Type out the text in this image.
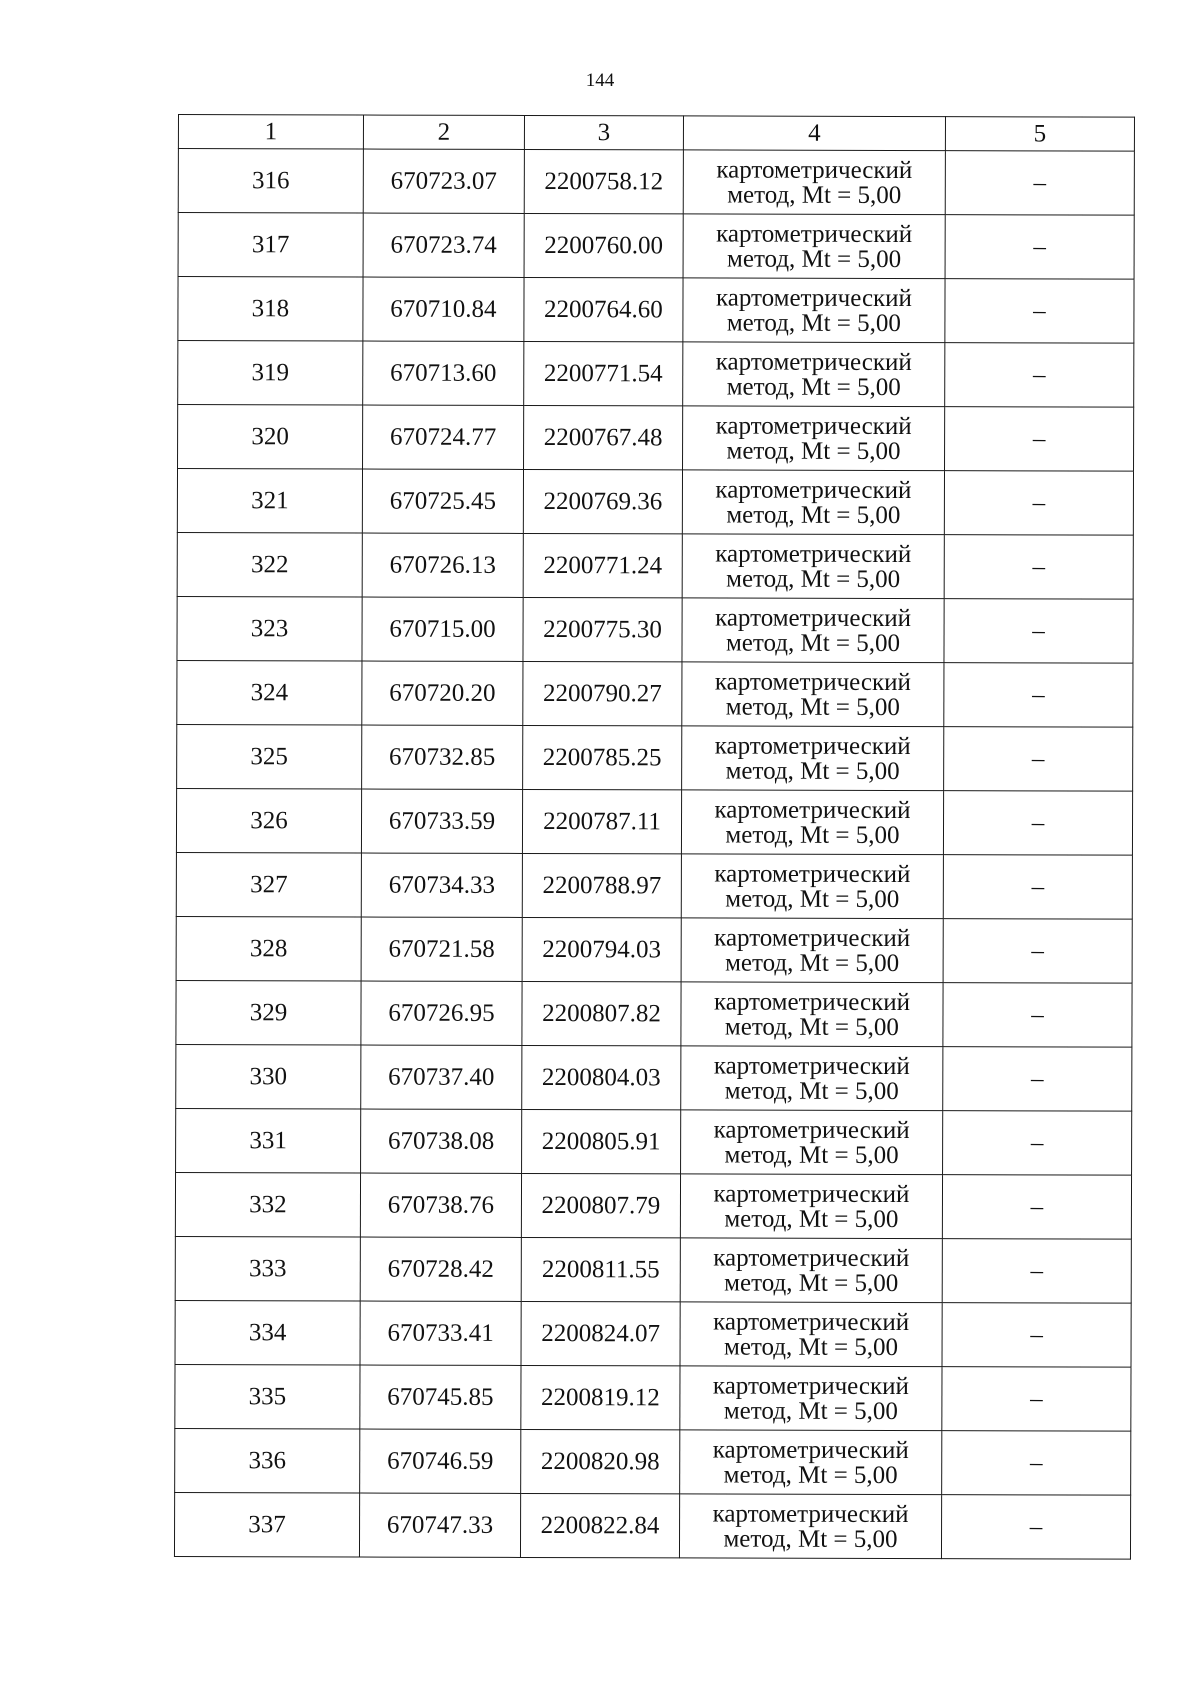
144
1	2	3	4	5
316	670723.07	2200758.12	картометрический
метод, Mt = 5,00	–
317	670723.74	2200760.00	картометрический
метод, Mt = 5,00	–
318	670710.84	2200764.60	картометрический
метод, Mt = 5,00	–
319	670713.60	2200771.54	картометрический
метод, Mt = 5,00	–
320	670724.77	2200767.48	картометрический
метод, Mt = 5,00	–
321	670725.45	2200769.36	картометрический
метод, Mt = 5,00	–
322	670726.13	2200771.24	картометрический
метод, Mt = 5,00	–
323	670715.00	2200775.30	картометрический
метод, Mt = 5,00	–
324	670720.20	2200790.27	картометрический
метод, Mt = 5,00	–
325	670732.85	2200785.25	картометрический
метод, Mt = 5,00	–
326	670733.59	2200787.11	картометрический
метод, Mt = 5,00	–
327	670734.33	2200788.97	картометрический
метод, Mt = 5,00	–
328	670721.58	2200794.03	картометрический
метод, Mt = 5,00	–
329	670726.95	2200807.82	картометрический
метод, Mt = 5,00	–
330	670737.40	2200804.03	картометрический
метод, Mt = 5,00	–
331	670738.08	2200805.91	картометрический
метод, Mt = 5,00	–
332	670738.76	2200807.79	картометрический
метод, Mt = 5,00	–
333	670728.42	2200811.55	картометрический
метод, Mt = 5,00	–
334	670733.41	2200824.07	картометрический
метод, Mt = 5,00	–
335	670745.85	2200819.12	картометрический
метод, Mt = 5,00	–
336	670746.59	2200820.98	картометрический
метод, Mt = 5,00	–
337	670747.33	2200822.84	картометрический
метод, Mt = 5,00	–
